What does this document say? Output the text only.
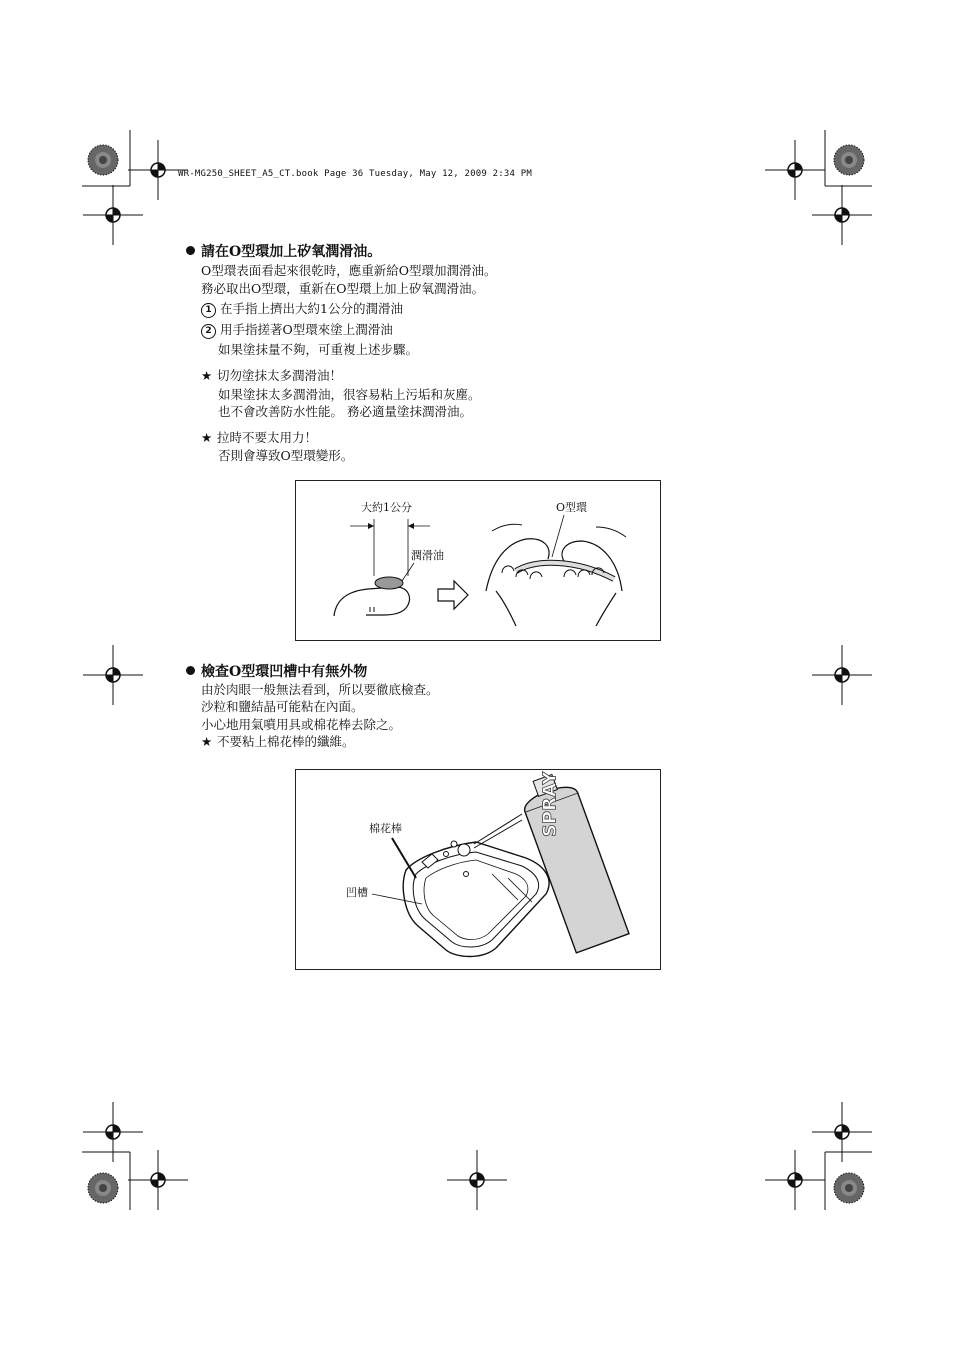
WR-MG250_SHEET_A5_CT.book Page 36 Tuesday, May 12, 2009 2:34 PM
請在O型環加上矽氧潤滑油。
O型環表面看起來很乾時，應重新給O型環加潤滑油。
務必取出O型環，重新在O型環上加上矽氧潤滑油。
1 在手指上擠出大約1公分的潤滑油
2 用手指搓著O型環來塗上潤滑油
如果塗抹量不夠，可重複上述步驟。
★ 切勿塗抹太多潤滑油！
如果塗抹太多潤滑油，很容易粘上污垢和灰塵。
也不會改善防水性能。 務必適量塗抹潤滑油。
★ 拉時不要太用力！
否則會導致O型環變形。
大約1公分
潤滑油
O型環
檢查O型環凹槽中有無外物
由於肉眼一般無法看到，所以要徹底檢查。
沙粒和鹽結晶可能粘在內面。
小心地用氣噴用具或棉花棒去除之。
★ 不要粘上棉花棒的纖維。
棉花棒
凹槽
SPRAY
